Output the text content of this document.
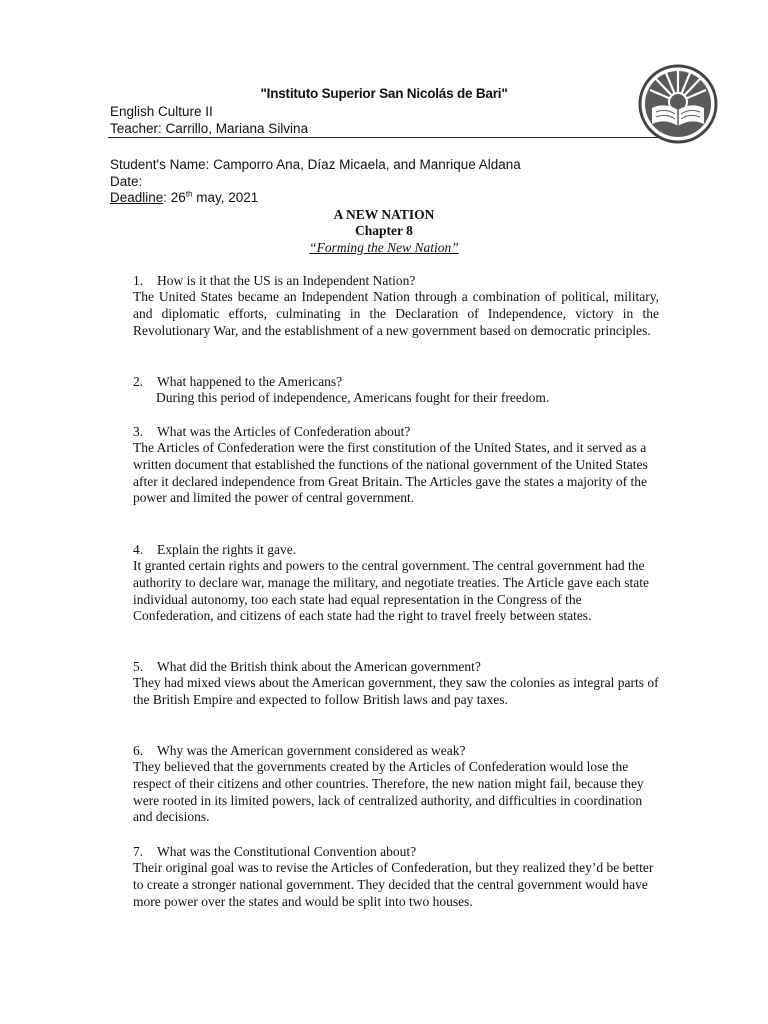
"Instituto Superior San Nicolás de Bari"
English Culture II
Teacher: Carrillo, Mariana Silvina
Student's Name: Camporro Ana, Díaz Micaela, and Manrique Aldana
Date:
Deadline: 26th may, 2021
A NEW NATION
Chapter 8
“Forming the New Nation”
1. How is it that the US is an Independent Nation?
The United States became an Independent Nation through a combination of political, military, and diplomatic efforts, culminating in the Declaration of Independence, victory in the Revolutionary War, and the establishment of a new government based on democratic principles.
2. What happened to the Americans?
During this period of independence, Americans fought for their freedom.
3. What was the Articles of Confederation about?
The Articles of Confederation were the first constitution of the United States, and it served as a written document that established the functions of the national government of the United States after it declared independence from Great Britain. The Articles gave the states a majority of the power and limited the power of central government.
4. Explain the rights it gave.
It granted certain rights and powers to the central government. The central government had the authority to declare war, manage the military, and negotiate treaties. The Article gave each state individual autonomy, too each state had equal representation in the Congress of the Confederation, and citizens of each state had the right to travel freely between states.
5. What did the British think about the American government?
They had mixed views about the American government, they saw the colonies as integral parts of the British Empire and expected to follow British laws and pay taxes.
6. Why was the American government considered as weak?
They believed that the governments created by the Articles of Confederation would lose the respect of their citizens and other countries. Therefore, the new nation might fail, because they were rooted in its limited powers, lack of centralized authority, and difficulties in coordination and decisions.
7. What was the Constitutional Convention about?
Their original goal was to revise the Articles of Confederation, but they realized they’d be better to create a stronger national government. They decided that the central government would have more power over the states and would be split into two houses.
